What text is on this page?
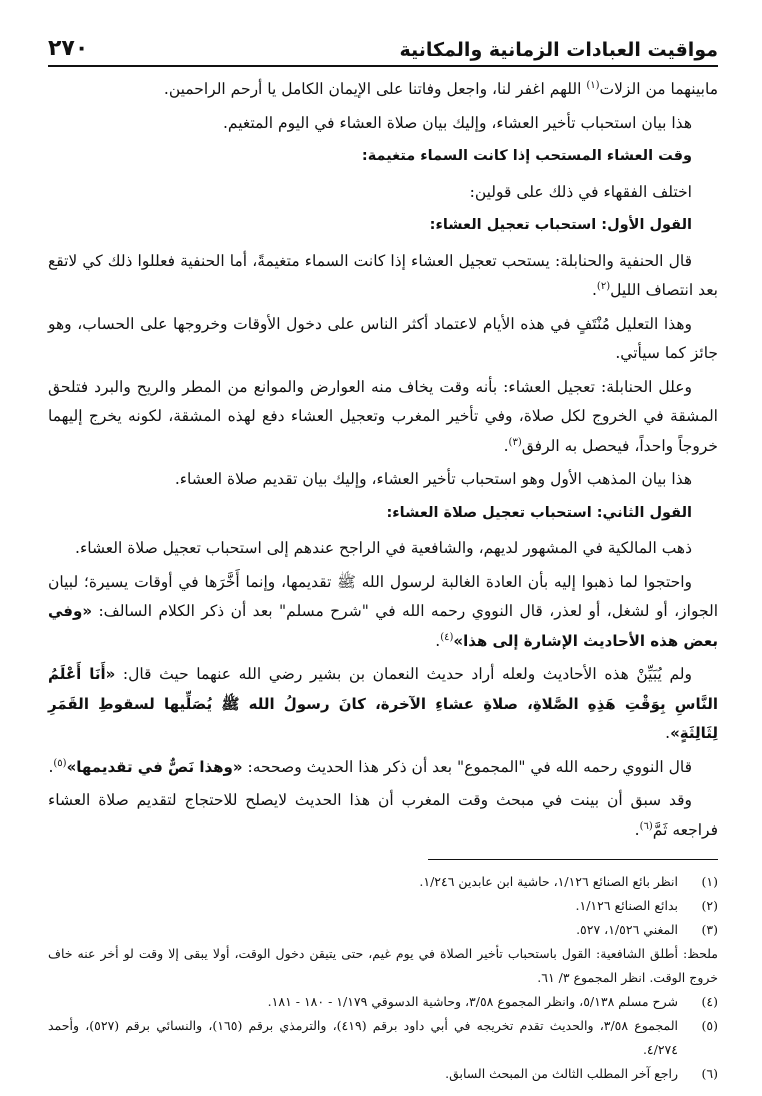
مواقيت العبادات الزمانية والمكانية
٢٧٠

مابينهما من الزلات$^{(١)}$ اللهم اغفر لنا، واجعل وفاتنا على الإيمان الكامل يا أرحم الراحمين.

هذا بيان استحباب تأخير العشاء، وإليك بيان صلاة العشاء في اليوم المتغيم.

وقت العشاء المستحب إذا كانت السماء متغيمة:

اختلف الفقهاء في ذلك على قولين:

القول الأول: استحباب تعجيل العشاء:

قال الحنفية والحنابلة: يستحب تعجيل العشاء إذا كانت السماء متغيمةً، أما الحنفية فعللوا ذلك كي لاتقع بعد انتصاف الليل$^{(٢)}$.

وهذا التعليل مُنْتَفٍ في هذه الأيام لاعتماد أكثر الناس على دخول الأوقات وخروجها على الحساب، وهو جائز كما سيأتي.

وعلل الحنابلة: تعجيل العشاء: بأنه وقت يخاف منه العوارض والموانع من المطر والريح والبرد فتلحق المشقة في الخروج لكل صلاة، وفي تأخير المغرب وتعجيل العشاء دفع لهذه المشقة، لكونه يخرج إليهما خروجاً واحداً، فيحصل به الرفق$^{(٣)}$.

هذا بيان المذهب الأول وهو استحباب تأخير العشاء، وإليك بيان تقديم صلاة العشاء.

القول الثاني: استحباب تعجيل صلاة العشاء:

ذهب المالكية في المشهور لديهم، والشافعية في الراجح عندهم إلى استحباب تعجيل صلاة العشاء.

واحتجوا لما ذهبوا إليه بأن العادة الغالبة لرسول الله ﷺ تقديمها، وإنما أَخَّرَها في أوقات يسيرة؛ لبيان الجواز، أو لشغل، أو لعذر، قال النووي رحمه الله في "شرح مسلم" بعد أن ذكر الكلام السالف: «وفي بعض هذه الأحاديث الإشارة إلى هذا»$^{(٤)}$.

ولم يُبَيِّنْ هذه الأحاديث ولعله أراد حديث النعمان بن بشير رضي الله عنهما حيث قال: «أَنَا أَعْلَمُ النَّاسِ بِوَقْتِ هَذِهِ الصَّلاةِ، صلاةِ عشاءِ الآخرة، كانَ رسولُ الله ﷺ يُصَلِّيها لسقوطِ القَمَرِ لِثَالِثَةٍ».

قال النووي رحمه الله في "المجموع" بعد أن ذكر هذا الحديث وصححه: «وهذا نَصٌّ في تقديمها»$^{(٥)}$.

وقد سبق أن بينت في مبحث وقت المغرب أن هذا الحديث لايصلح للاحتجاج لتقديم صلاة العشاء فراجعه ثَمَّ$^{(٦)}$.

(١)
انظر بائع الصنائع ١/١٢٦، حاشية ابن عابدين ١/٢٤٦.
(٢)
بدائع الصنائع ١/١٢٦.
(٣)
المغني ١/٥٢٦، ٥٢٧.
ملحظ: أطلق الشافعية: القول باستحباب تأخير الصلاة في يوم غيم، حتى يتيقن دخول الوقت، أولا يبقى إلا وقت لو أخر عنه خاف خروج الوقت. انظر المجموع ٣/ ٦١.
(٤)
شرح مسلم ٥/١٣٨، وانظر المجموع ٣/٥٨، وحاشية الدسوقي ١/١٧٩ - ١٨٠ - ١٨١.
(٥)
المجموع ٣/٥٨، والحديث تقدم تخريجه في أبي داود برقم (٤١٩)، والترمذي برقم (١٦٥)، والنسائي برقم (٥٢٧)، وأحمد ٤/٢٧٤.
(٦)
راجع آخر المطلب الثالث من المبحث السابق.
